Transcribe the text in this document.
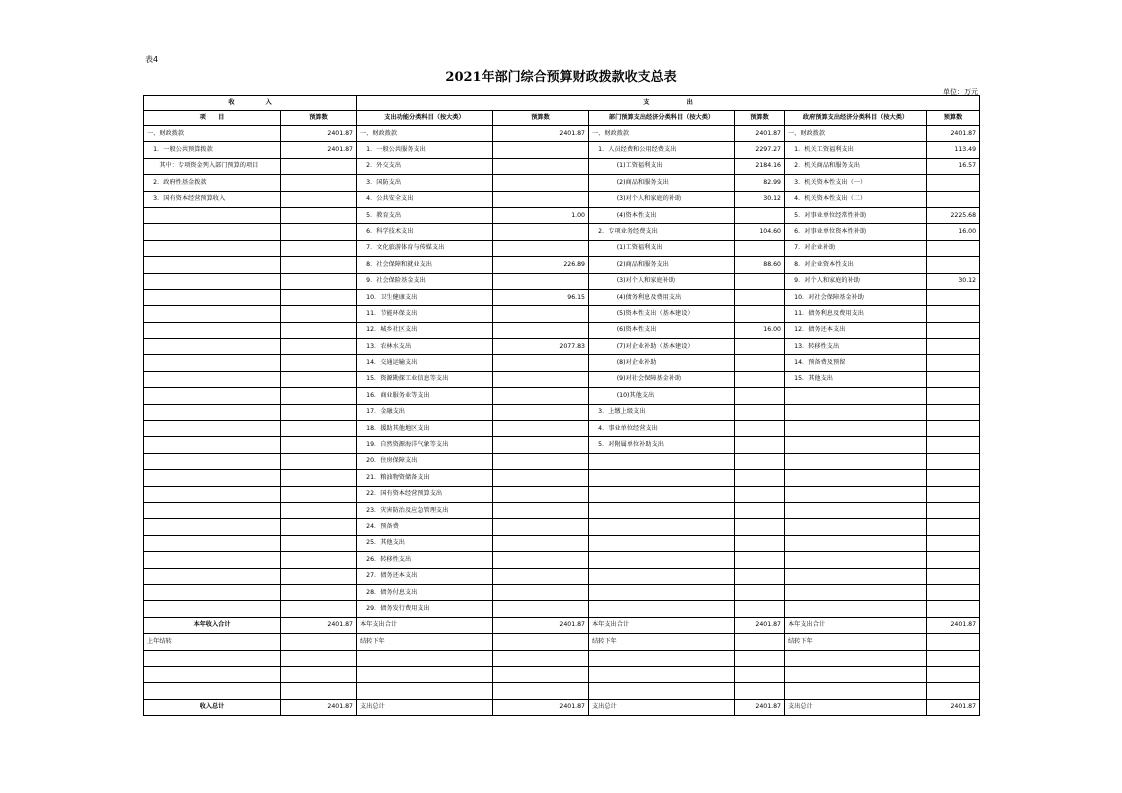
表4
2021年部门综合预算财政拨款收支总表
单位：万元
收　　　　　入		支　　　　　　出					
项　　目	预算数	支出功能分类科目（按大类）	预算数	部门预算支出经济分类科目（按大类）	预算数	政府预算支出经济分类科目（按大类）	预算数
一、财政拨款	2401.87	一、财政拨款	2401.87	一、财政拨款	2401.87	一、财政拨款	2401.87
　1．一般公共预算拨款	2401.87	　1．一般公共服务支出		　1．人员经费和公用经费支出	2297.27	　1．机关工资福利支出	113.49
　　其中：专项资金列入部门预算的项目		　2．外交支出		　　　　(1)工资福利支出	2184.16	　2．机关商品和服务支出	16.57
　2．政府性基金拨款		　3．国防支出		　　　　(2)商品和服务支出	82.99	　3．机关资本性支出（一）	
　3．国有资本经营预算收入		　4．公共安全支出		　　　　(3)对个人和家庭的补助	30.12	　4．机关资本性支出（二）	
		　5．教育支出	1.00	　　　　(4)资本性支出		　5．对事业单位经常性补助	2225.68
		　6．科学技术支出		　2．专项业务经费支出	104.60	　6．对事业单位资本性补助	16.00
		　7．文化旅游体育与传媒支出		　　　　(1)工资福利支出		　7．对企业补助	
		　8．社会保障和就业支出	226.89	　　　　(2)商品和服务支出	88.60	　8．对企业资本性支出	
		　9．社会保险基金支出		　　　　(3)对个人和家庭补助		　9．对个人和家庭的补助	30.12
		　10．卫生健康支出	96.15	　　　　(4)债务利息及费用支出		　10．对社会保障基金补助	
		　11．节能环保支出		　　　　(5)资本性支出（基本建设）		　11．债务利息及费用支出	
		　12．城乡社区支出		　　　　(6)资本性支出	16.00	　12．债务还本支出	
		　13．农林水支出	2077.83	　　　　(7)对企业补助（基本建设）		　13．转移性支出	
		　14．交通运输支出		　　　　(8)对企业补助		　14．预备费及预留	
		　15．资源勘探工业信息等支出		　　　　(9)对社会保障基金补助		　15．其他支出	
		　16．商业服务业等支出		　　　　(10)其他支出			
		　17．金融支出		　3．上缴上级支出			
		　18．援助其他地区支出		　4．事业单位经营支出			
		　19．自然资源海洋气象等支出		　5．对附属单位补助支出			
		　20．住房保障支出					
		　21．粮油物资储备支出					
		　22．国有资本经营预算支出					
		　23．灾害防治及应急管理支出					
		　24．预备费					
		　25．其他支出					
		　26．转移性支出					
		　27．债务还本支出					
		　28．债务付息支出					
		　29．债务发行费用支出					
本年收入合计	2401.87	本年支出合计	2401.87	本年支出合计	2401.87	本年支出合计	2401.87
上年结转		结转下年		结转下年		结转下年	

收入总计	2401.87	支出总计	2401.87	支出总计	2401.87	支出总计	2401.87
